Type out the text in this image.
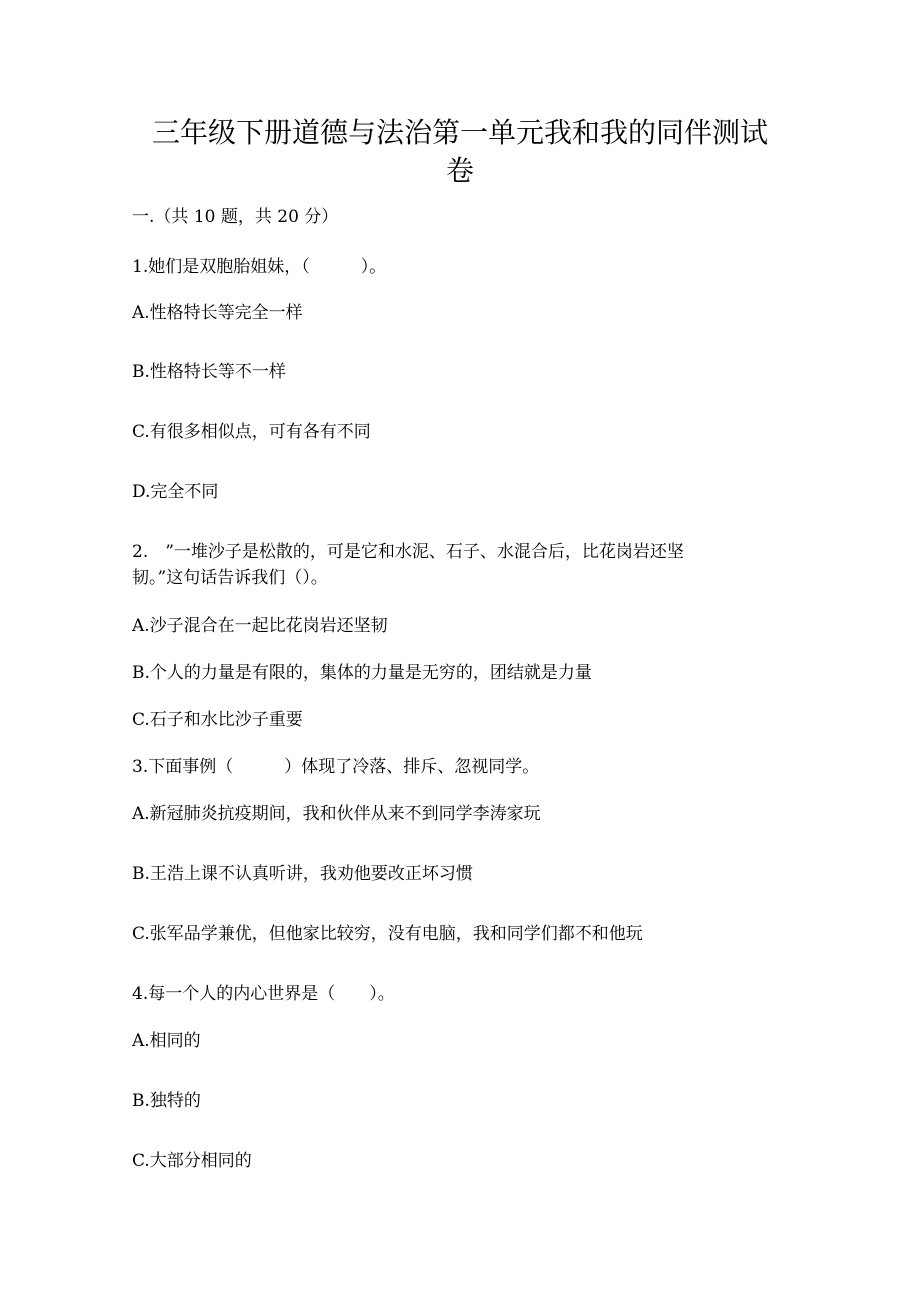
三年级下册道德与法治第一单元我和我的同伴测试卷

一.（共 10 题，共 20 分）

1.她们是双胞胎姐妹，（　　　）。

A.性格特长等完全一样

B.性格特长等不一样

C.有很多相似点，可有各有不同

D.完全不同

2.　”一堆沙子是松散的，可是它和水泥、石子、水混合后，比花岗岩还坚

韧。”这句话告诉我们（）。

A.沙子混合在一起比花岗岩还坚韧

B.个人的力量是有限的，集体的力量是无穷的，团结就是力量

C.石子和水比沙子重要

3.下面事例（　　　）体现了冷落、排斥、忽视同学。

A.新冠肺炎抗疫期间，我和伙伴从来不到同学李涛家玩

B.王浩上课不认真听讲，我劝他要改正坏习惯

C.张军品学兼优，但他家比较穷，没有电脑，我和同学们都不和他玩

4.每一个人的内心世界是（　　）。

A.相同的

B.独特的

C.大部分相同的
